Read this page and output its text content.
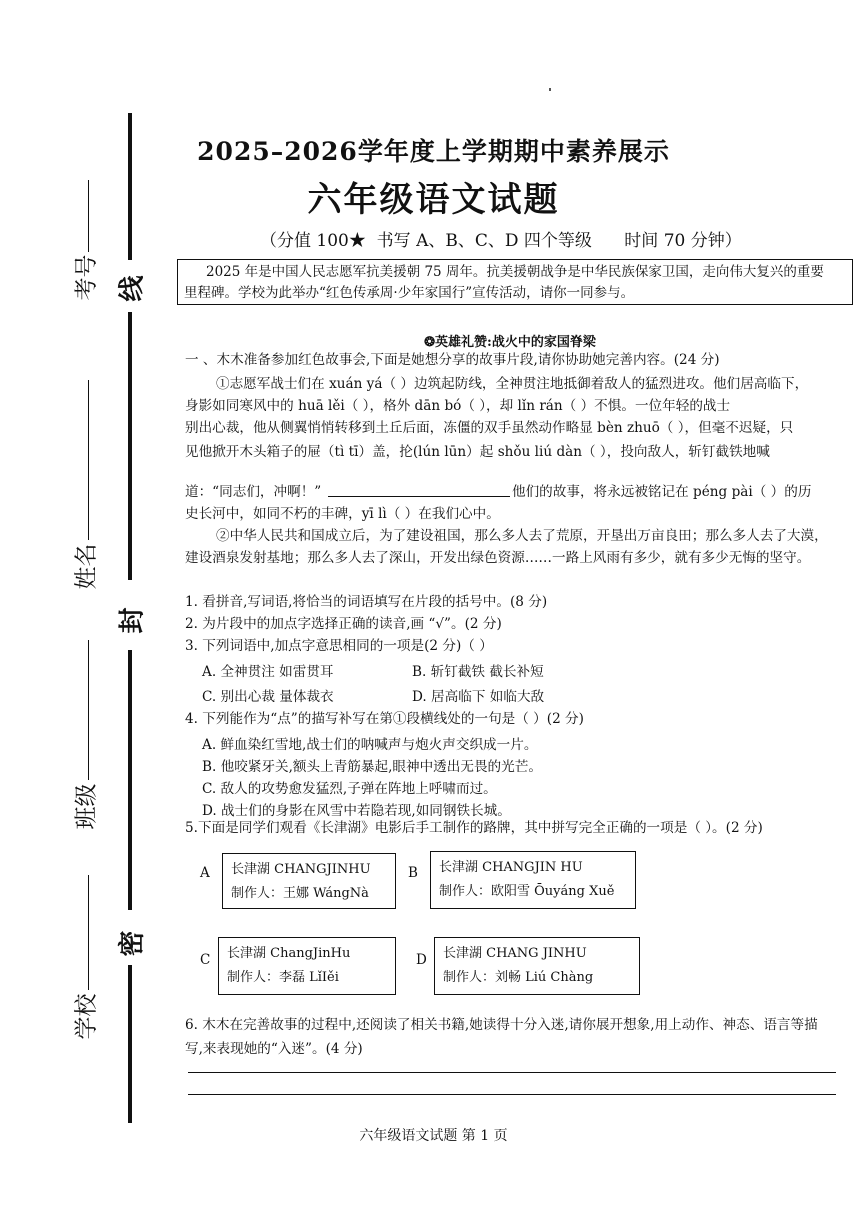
线
封
密
考号
姓名
班级
学校
2025–2026学年度上学期期中素养展示
六年级语文试题
（分值 100★  书写 A、B、C、D 四个等级      时间 70 分钟）
2025 年是中国人民志愿军抗美援朝 75 周年。抗美援朝战争是中华民族保家卫国，走向伟大复兴的重要
里程碑。学校为此举办“红色传承周·少年家国行”宣传活动，请你一同参与。
❂英雄礼赞:战火中的家国脊梁
一 、木木准备参加红色故事会,下面是她想分享的故事片段,请你协助她完善内容。(24 分)
①志愿军战士们在 xuán yá（ ）边筑起防线，全神贯注地抵御着敌人的猛烈进攻。他们居高临下，
身影如同寒风中的 huā lěi（ ），格外 dān bó（ ），却 lǐn rán（ ）不惧。一位年轻的战士
别出心裁，他从侧翼悄悄转移到土丘后面，冻僵的双手虽然动作略显 bèn zhuō（ ），但毫不迟疑，只
见他掀开木头箱子的屉（tì tī）盖，抡(lún lūn）起 shǒu liú dàn（ ），投向敌人，斩钉截铁地喊
道：“同志们，冲啊！”	他们的故事，将永远被铭记在 péng pài（ ）的历
史长河中，如同不朽的丰碑，yī lì（ ）在我们心中。
②中华人民共和国成立后，为了建设祖国，那么多人去了荒原，开垦出万亩良田；那么多人去了大漠，
建设酒泉发射基地；那么多人去了深山，开发出绿色资源……一路上风雨有多少，就有多少无悔的坚守。
1. 看拼音,写词语,将恰当的词语填写在片段的括号中。(8 分)
2. 为片段中的加点字选择正确的读音,画 “√”。(2 分)
3. 下列词语中,加点字意思相同的一项是(2 分)（ ）
A. 全神贯注 如雷贯耳	B. 斩钉截铁 截长补短
C. 别出心裁 量体裁衣	D. 居高临下 如临大敌
4. 下列能作为“点”的描写补写在第①段横线处的一句是（ ）(2 分)
A. 鲜血染红雪地,战士们的呐喊声与炮火声交织成一片。
B. 他咬紧牙关,额头上青筋暴起,眼神中透出无畏的光芒。
C. 敌人的攻势愈发猛烈,子弹在阵地上呼啸而过。
D. 战士们的身影在风雪中若隐若现,如同钢铁长城。
5.下面是同学们观看《长津湖》电影后手工制作的路牌，其中拼写完全正确的一项是（ ）。(2 分)
A 长津湖 CHANGJINHU
制作人：王娜 WángNà
B 长津湖 CHANGJIN HU
制作人：欧阳雪 Ōuyáng Xuě
C 长津湖 ChangJinHu
制作人：李磊 LǐIěi
D 长津湖 CHANG JINHU
制作人：刘畅 Liú Chàng
6. 木木在完善故事的过程中,还阅读了相关书籍,她读得十分入迷,请你展开想象,用上动作、神态、语言等描
写,来表现她的“入迷”。(4 分)
六年级语文试题 第 1 页
